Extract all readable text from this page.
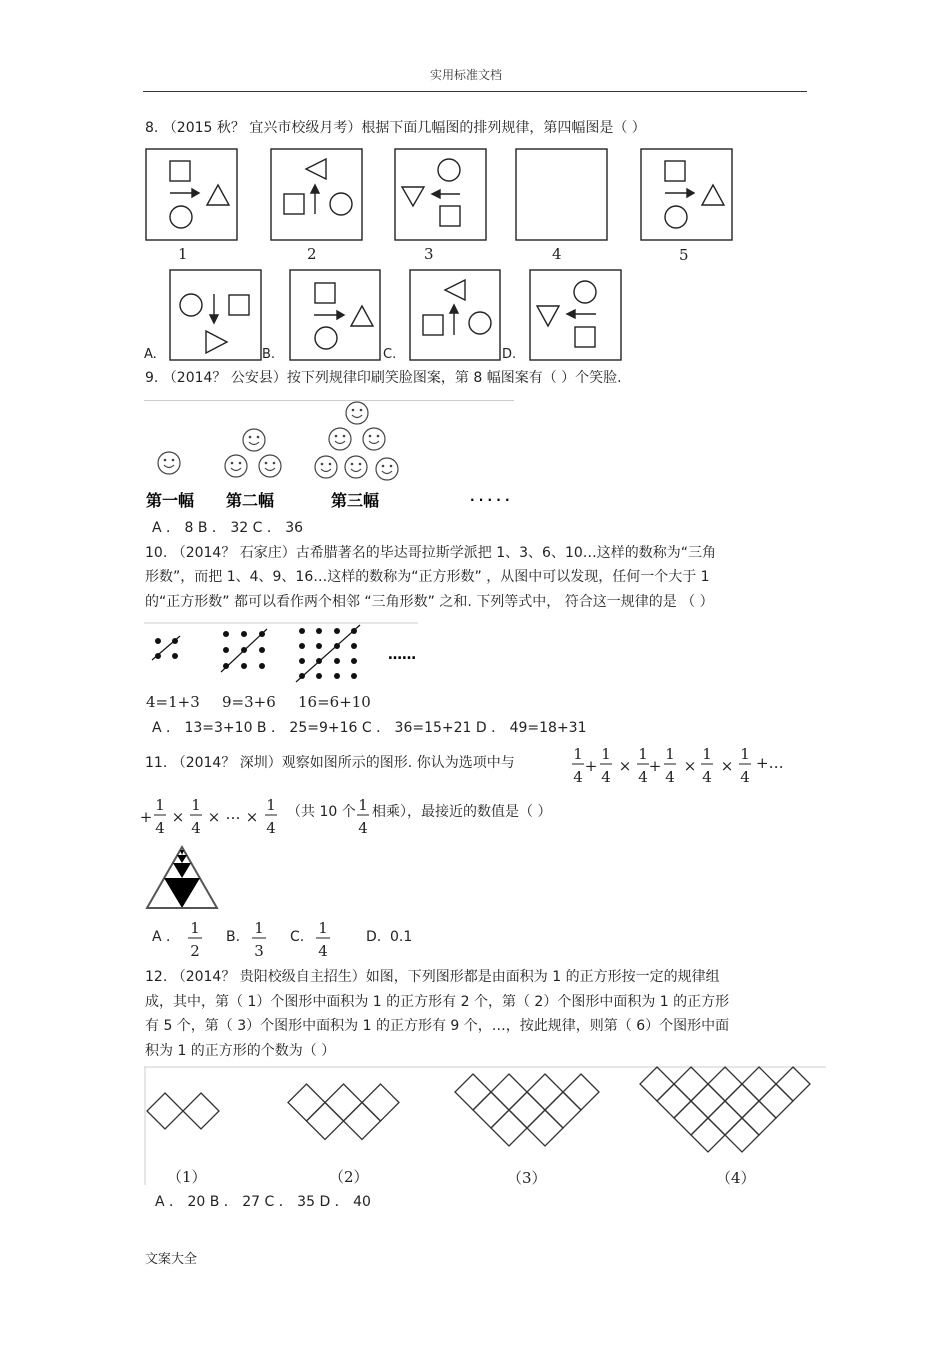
实用标准文档
8. （2015 秋？ 宜兴市校级月考）根据下面几幅图的排列规律，第四幅图是（ ）
1	2	3	4	5
A.	B.	C.	D.
9. （2014？ 公安县）按下列规律印刷笑脸图案，第 8 幅图案有（ ）个笑脸.
第一幅 第二幅	第三幅	· · · · ·
A ． 8 B ． 32 C ． 36
10. （2014？ 石家庄）古希腊著名的毕达哥拉斯学派把 1、3、6、10…这样的数称为“三角
形数”，而把 1、4、9、16…这样的数称为“正方形数” ，从图中可以发现，任何一个大于 1
的“正方形数” 都可以看作两个相邻 “三角形数” 之和. 下列等式中， 符合这一规律的是 （ ）
……
4=1+3 9=3+6 16=6+10
A ． 13=3+10 B ． 25=9+16 C ． 36=15+21 D ． 49=18+31
11. （2014？ 深圳）观察如图所示的图形. 你认为选项中与	1
4
+
1
4
×
1
4
+
1
4
×
1
4
×
1
4
+…
+
1
4
×
1
4
× … ×
1
4
（共 10 个 1
4
相乘），最接近的数值是（ ）
A ． 1
2
B. 1
3
C. 1
4
D. 0.1
12. （2014？ 贵阳校级自主招生）如图，下列图形都是由面积为 1 的正方形按一定的规律组
成，其中，第（ 1）个图形中面积为 1 的正方形有 2 个，第（ 2）个图形中面积为 1 的正方形
有 5 个，第（ 3）个图形中面积为 1 的正方形有 9 个，…，按此规律，则第（ 6）个图形中面
积为 1 的正方形的个数为（ ）
（1）	（2）	（3）	（4）
A ． 20 B ． 27 C ． 35 D ． 40
文案大全
